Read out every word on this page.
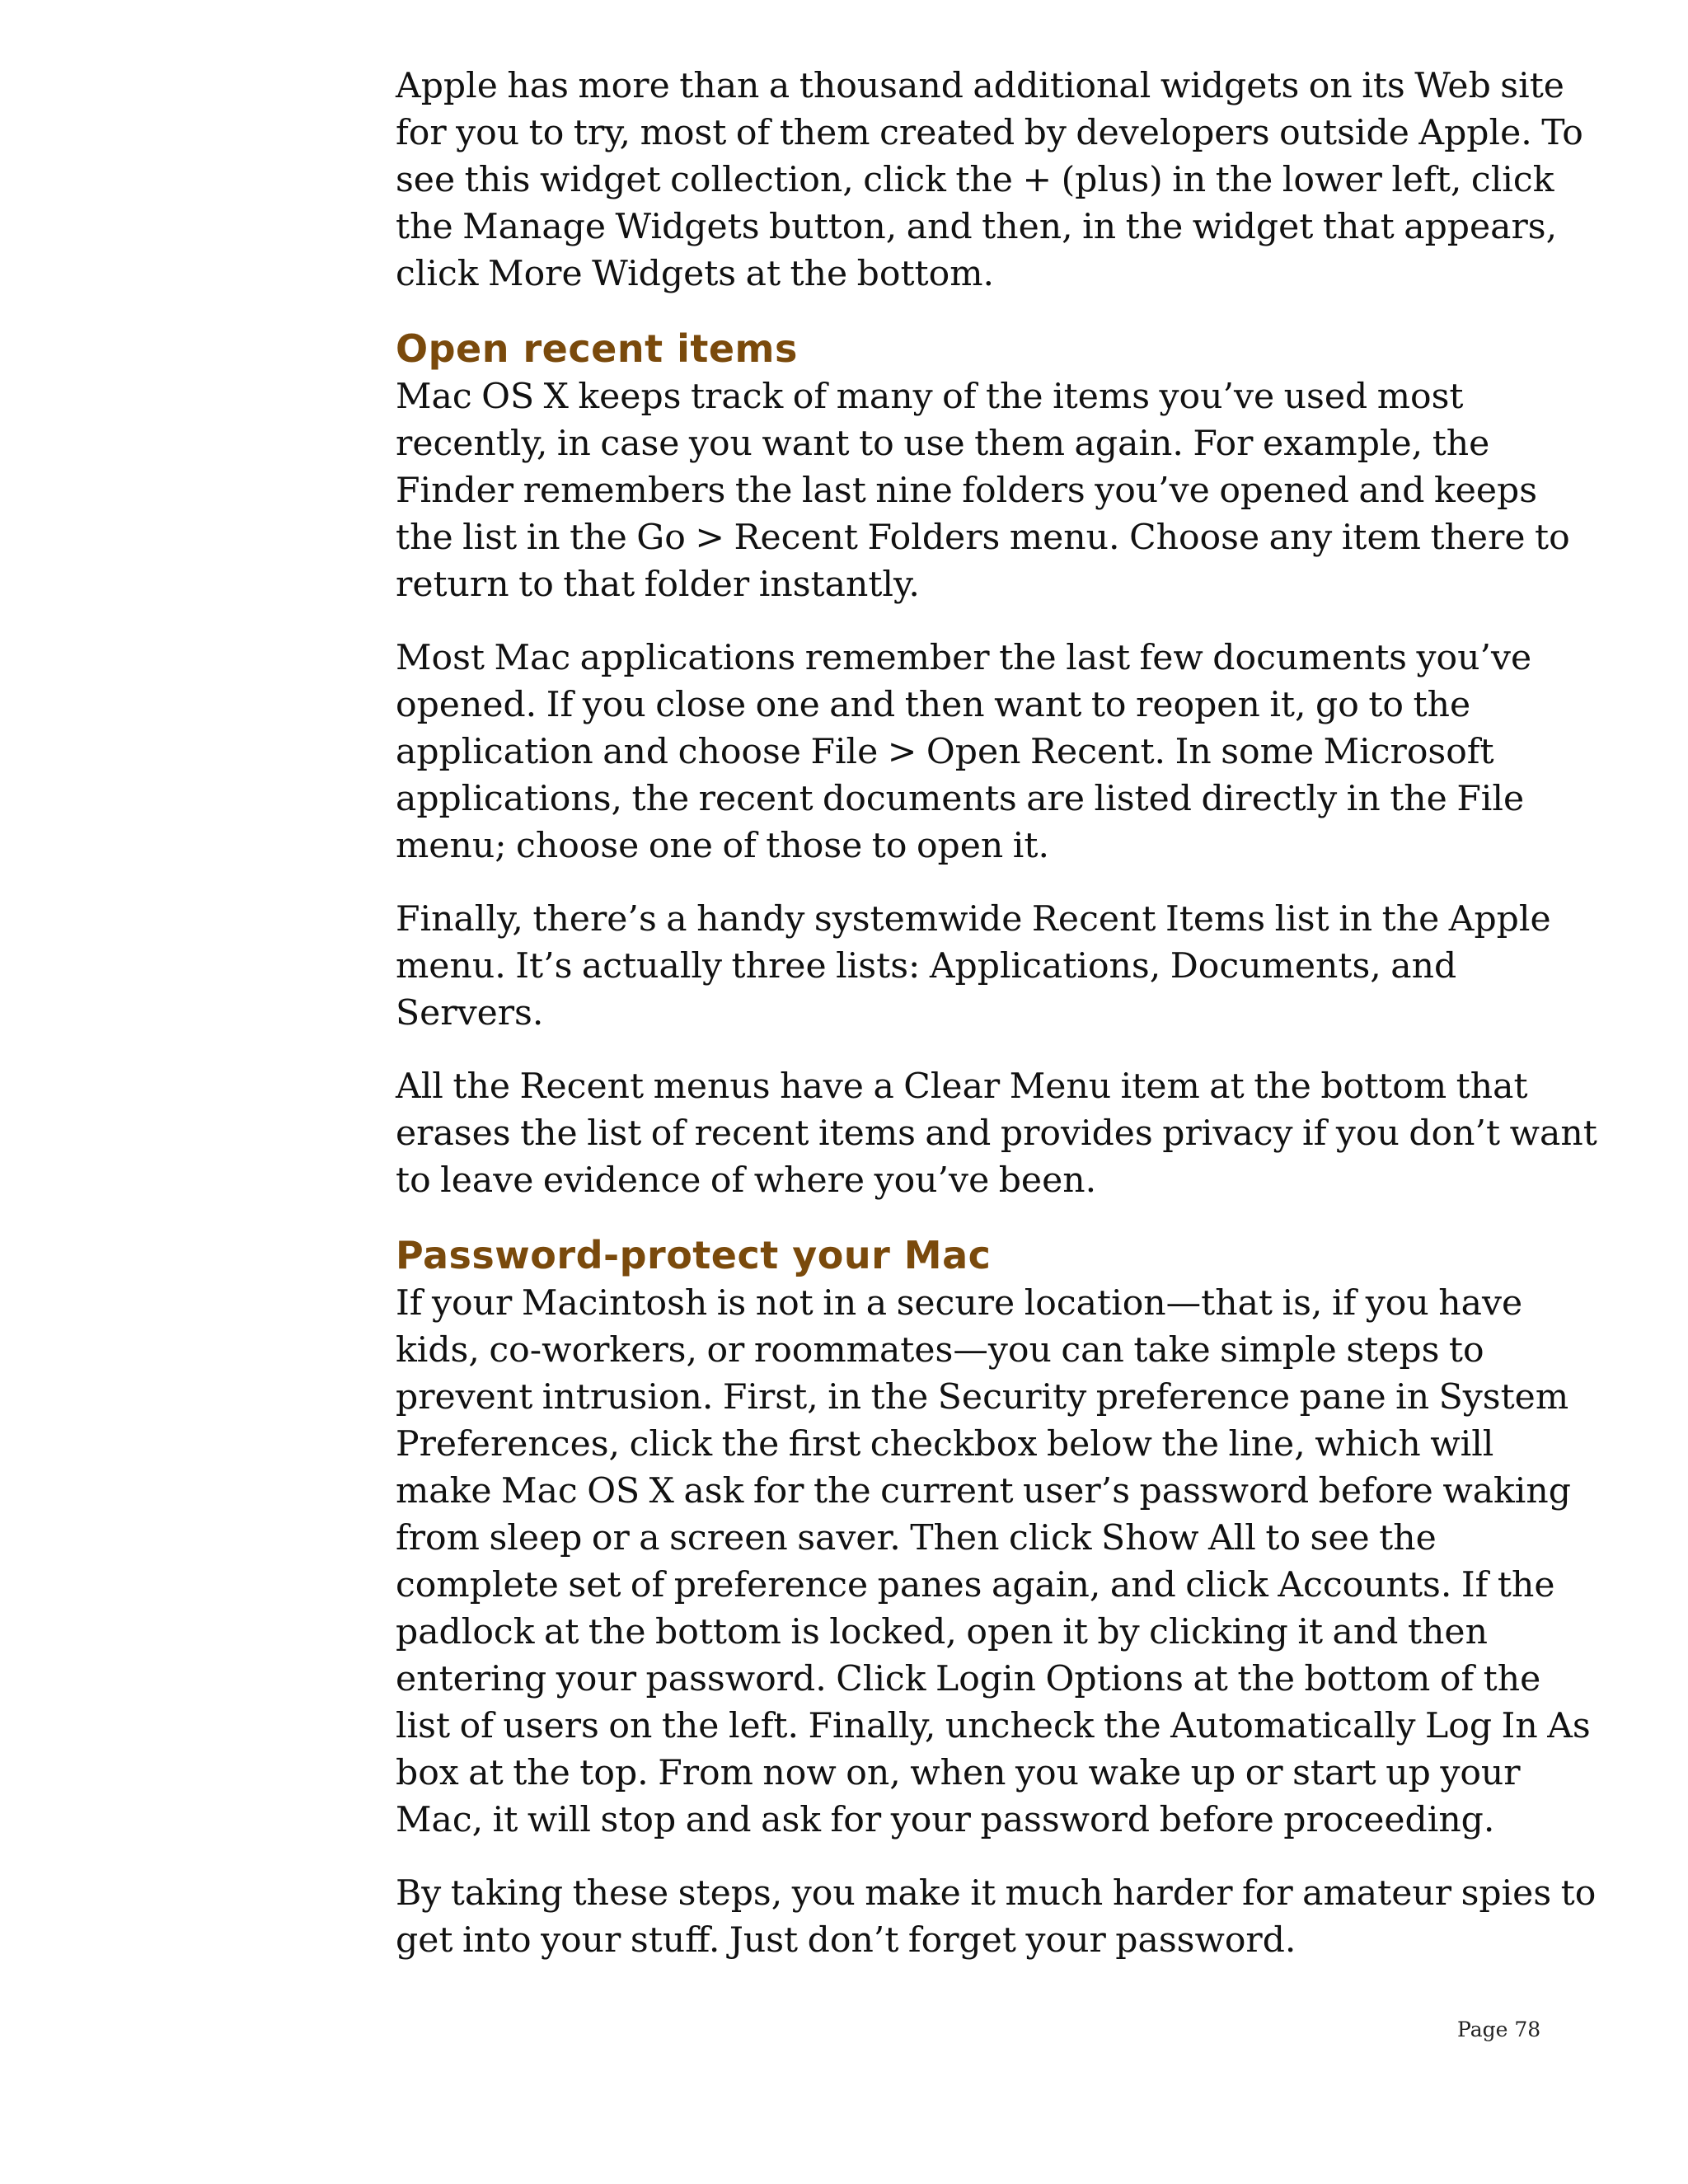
Apple has more than a thousand additional widgets on its Web site for you to try, most of them created by developers outside Apple. To see this widget collection, click the + (plus) in the lower left, click the Manage Widgets button, and then, in the widget that appears, click More Widgets at the bottom.

Open recent items

Mac OS X keeps track of many of the items you’ve used most recently, in case you want to use them again. For example, the Finder remembers the last nine folders you’ve opened and keeps the list in the Go > Recent Folders menu. Choose any item there to return to that folder instantly.

Most Mac applications remember the last few documents you’ve opened. If you close one and then want to reopen it, go to the application and choose File > Open Recent. In some Microsoft applications, the recent documents are listed directly in the File menu; choose one of those to open it.

Finally, there’s a handy systemwide Recent Items list in the Apple menu. It’s actually three lists: Applications, Documents, and Servers.

All the Recent menus have a Clear Menu item at the bottom that erases the list of recent items and provides privacy if you don’t want to leave evidence of where you’ve been.

Password-protect your Mac

If your Macintosh is not in a secure location—that is, if you have kids, co-workers, or roommates—you can take simple steps to prevent intrusion. First, in the Security preference pane in System Preferences, click the first checkbox below the line, which will make Mac OS X ask for the current user’s password before waking from sleep or a screen saver. Then click Show All to see the complete set of preference panes again, and click Accounts. If the padlock at the bottom is locked, open it by clicking it and then entering your password. Click Login Options at the bottom of the list of users on the left. Finally, uncheck the Automatically Log In As box at the top. From now on, when you wake up or start up your Mac, it will stop and ask for your password before proceeding.

By taking these steps, you make it much harder for amateur spies to get into your stuff. Just don’t forget your password.

Page 78
